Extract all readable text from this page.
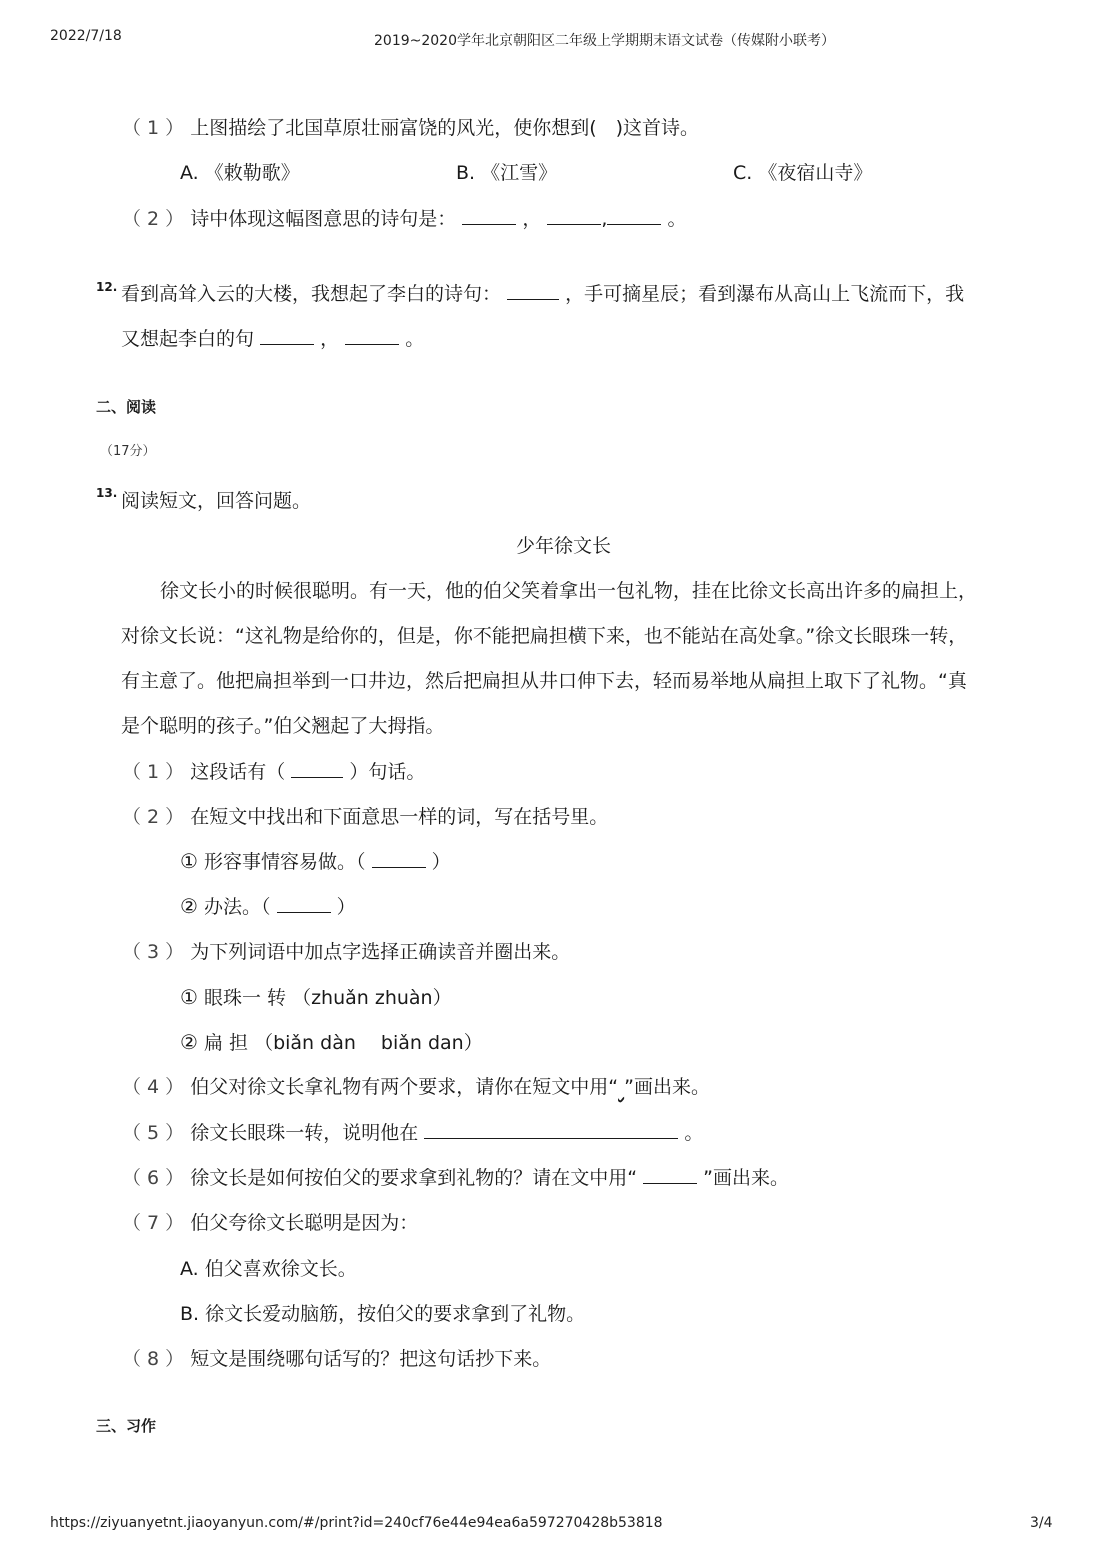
2022/7/18	2019~2020学年北京朝阳区二年级上学期期末语文试卷（传媒附小联考）
（ 1 ） 上图描绘了北国草原壮丽富饶的风光，使你想到(　)这首诗。
A. 《敕勒歌》	B. 《江雪》	C. 《夜宿山寺》
（ 2 ） 诗中体现这幅图意思的诗句是：	，	,	。
12. 看到高耸入云的大楼，我想起了李白的诗句：	，手可摘星辰；看到瀑布从高山上飞流而下，我
又想起李白的句	，	。
二、阅读
（17分）
13. 阅读短文，回答问题。
少年徐文长
徐文长小的时候很聪明。有一天，他的伯父笑着拿出一包礼物，挂在比徐文长高出许多的扁担上，
对徐文长说：“这礼物是给你的，但是，你不能把扁担横下来，也不能站在高处拿。”徐文长眼珠一转，
有主意了。他把扁担举到一口井边，然后把扁担从井口伸下去，轻而易举地从扁担上取下了礼物。“真
是个聪明的孩子。”伯父翘起了大拇指。
（ 1 ） 这段话有（	）句话。
（ 2 ） 在短文中找出和下面意思一样的词，写在括号里。
① 形容事情容易做。（	）
② 办法。（	）
（ 3 ） 为下列词语中加点字选择正确读音并圈出来。
① 眼珠一 转 （zhuǎn zhuàn）
② 扁 担 （biǎn dàn　 biǎn dan）
（ 4 ） 伯父对徐文长拿礼物有两个要求，请你在短文中用“ ”画出来。
（ 5 ） 徐文长眼珠一转，说明他在	。
（ 6 ） 徐文长是如何按伯父的要求拿到礼物的？请在文中用“	”画出来。
（ 7 ） 伯父夸徐文长聪明是因为：
A. 伯父喜欢徐文长。
B. 徐文长爱动脑筋，按伯父的要求拿到了礼物。
（ 8 ） 短文是围绕哪句话写的？把这句话抄下来。
三、习作
https://ziyuanyetnt.jiaoyanyun.com/#/print?id=240cf76e44e94ea6a597270428b53818	3/4
